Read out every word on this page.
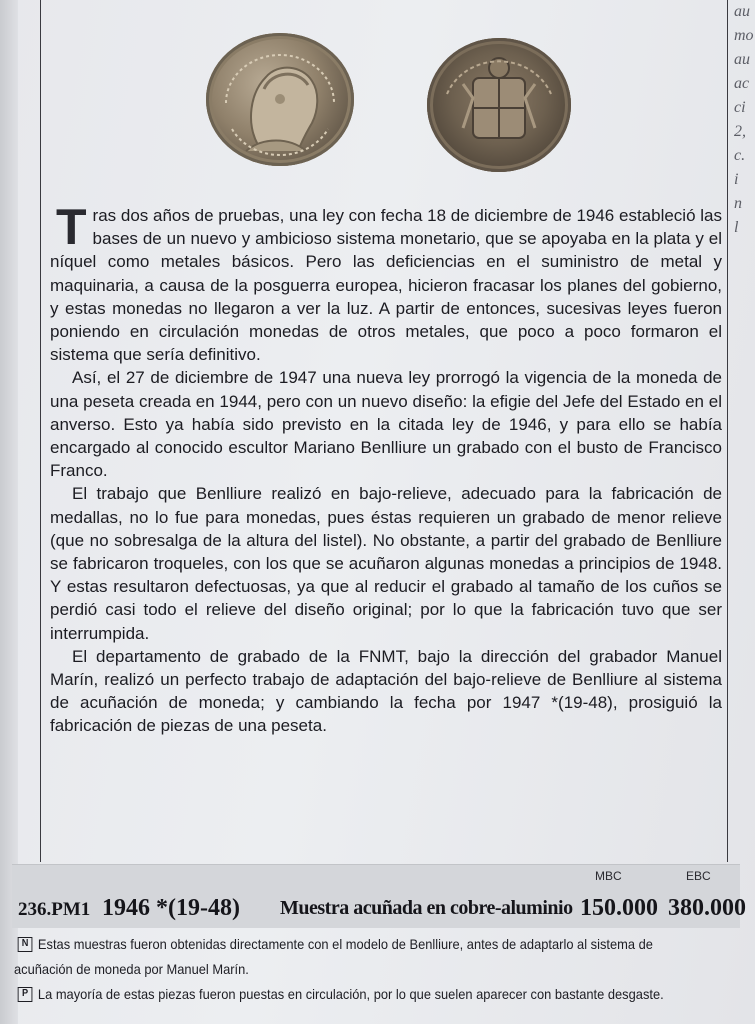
au
mo
au
ac
ci
2,
c.
i
n
l

Tras dos años de pruebas, una ley con fecha 18 de diciembre de 1946 estableció las bases de un nuevo y ambicioso sistema monetario, que se apoyaba en la plata y el níquel como metales básicos. Pero las deficiencias en el suministro de metal y maquinaria, a causa de la posguerra europea, hicieron fracasar los planes del gobierno, y estas monedas no llegaron a ver la luz. A partir de entonces, sucesivas leyes fueron poniendo en circulación monedas de otros metales, que poco a poco formaron el sistema que sería definitivo.

Así, el 27 de diciembre de 1947 una nueva ley prorrogó la vigencia de la moneda de una peseta creada en 1944, pero con un nuevo diseño: la efigie del Jefe del Estado en el anverso. Esto ya había sido previsto en la citada ley de 1946, y para ello se había encargado al conocido escultor Mariano Benlliure un grabado con el busto de Francisco Franco.

El trabajo que Benlliure realizó en bajo-relieve, adecuado para la fabricación de medallas, no lo fue para monedas, pues éstas requieren un grabado de menor relieve (que no sobresalga de la altura del listel). No obstante, a partir del grabado de Benlliure se fabricaron troqueles, con los que se acuñaron algunas monedas a principios de 1948. Y estas resultaron defectuosas, ya que al reducir el grabado al tamaño de los cuños se perdió casi todo el relieve del diseño original; por lo que la fabricación tuvo que ser interrumpida.

El departamento de grabado de la FNMT, bajo la dirección del grabador Manuel Marín, realizó un perfecto trabajo de adaptación del bajo-relieve de Benlliure al sistema de acuñación de moneda; y cambiando la fecha por 1947 *(19-48), prosiguió la fabricación de piezas de una peseta.

MBC	EBC
236.PM1 1946 *(19-48) Muestra acuñada en cobre-aluminio 150.000 380.000
N Estas muestras fueron obtenidas directamente con el modelo de Benlliure, antes de adaptarlo al sistema de
acuñación de moneda por Manuel Marín.
P La mayoría de estas piezas fueron puestas en circulación, por lo que suelen aparecer con bastante desgaste.
